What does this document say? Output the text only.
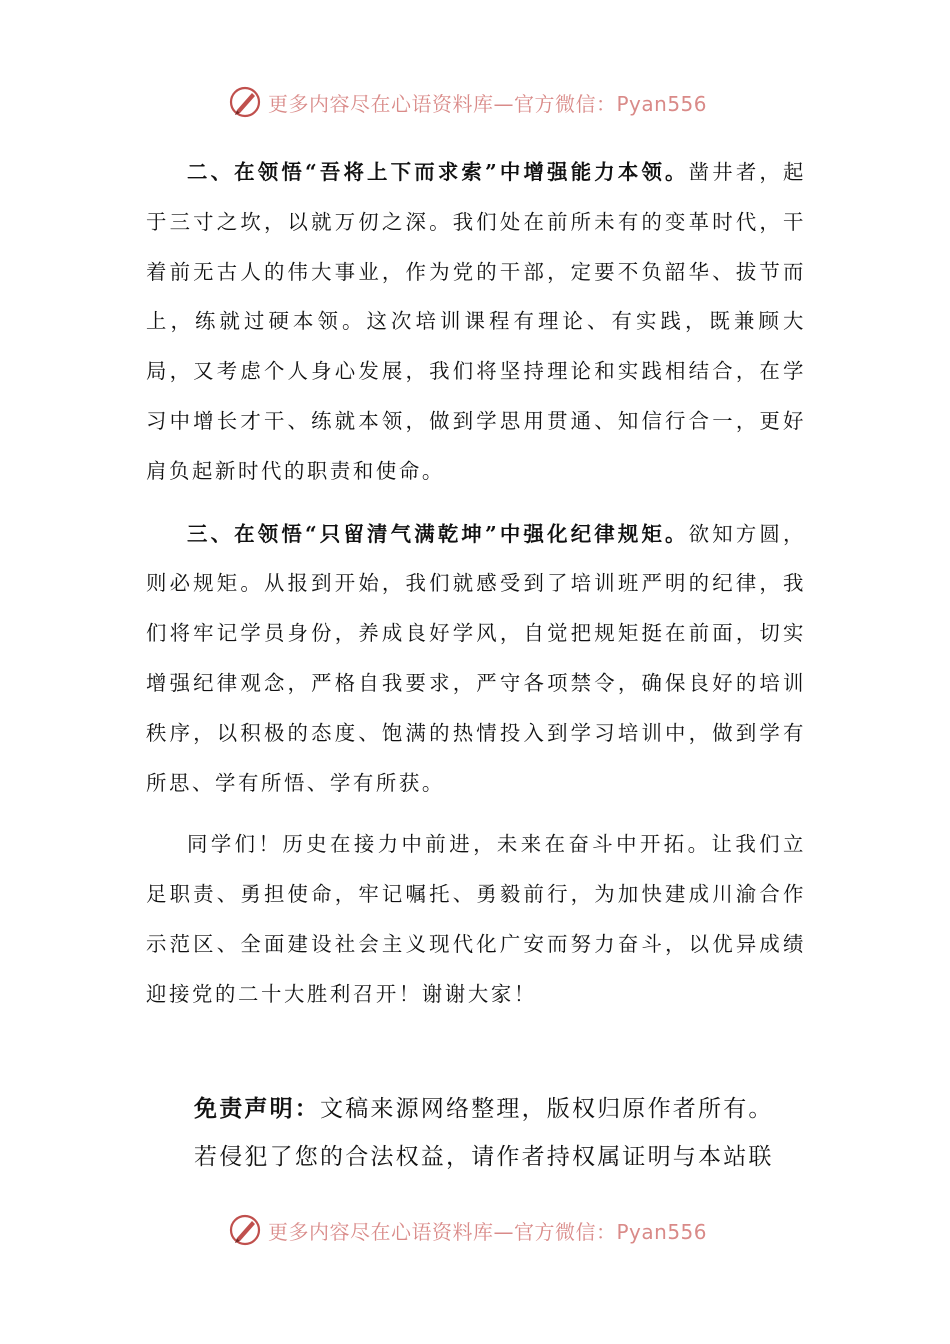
更多内容尽在心语资料库—官方微信：Pyan556

二、在领悟“吾将上下而求索”中增强能力本领。凿井者，起于三寸之坎，以就万仞之深。我们处在前所未有的变革时代，干着前无古人的伟大事业，作为党的干部，定要不负韶华、拔节而上，练就过硬本领。这次培训课程有理论、有实践，既兼顾大局，又考虑个人身心发展，我们将坚持理论和实践相结合，在学习中增长才干、练就本领，做到学思用贯通、知信行合一，更好肩负起新时代的职责和使命。

三、在领悟“只留清气满乾坤”中强化纪律规矩。欲知方圆，则必规矩。从报到开始，我们就感受到了培训班严明的纪律，我们将牢记学员身份，养成良好学风，自觉把规矩挺在前面，切实增强纪律观念，严格自我要求，严守各项禁令，确保良好的培训秩序，以积极的态度、饱满的热情投入到学习培训中，做到学有所思、学有所悟、学有所获。

同学们！历史在接力中前进，未来在奋斗中开拓。让我们立足职责、勇担使命，牢记嘱托、勇毅前行，为加快建成川渝合作示范区、全面建设社会主义现代化广安而努力奋斗，以优异成绩迎接党的二十大胜利召开！谢谢大家！

免责声明：文稿来源网络整理，版权归原作者所有。

若侵犯了您的合法权益，请作者持权属证明与本站联

更多内容尽在心语资料库—官方微信：Pyan556
